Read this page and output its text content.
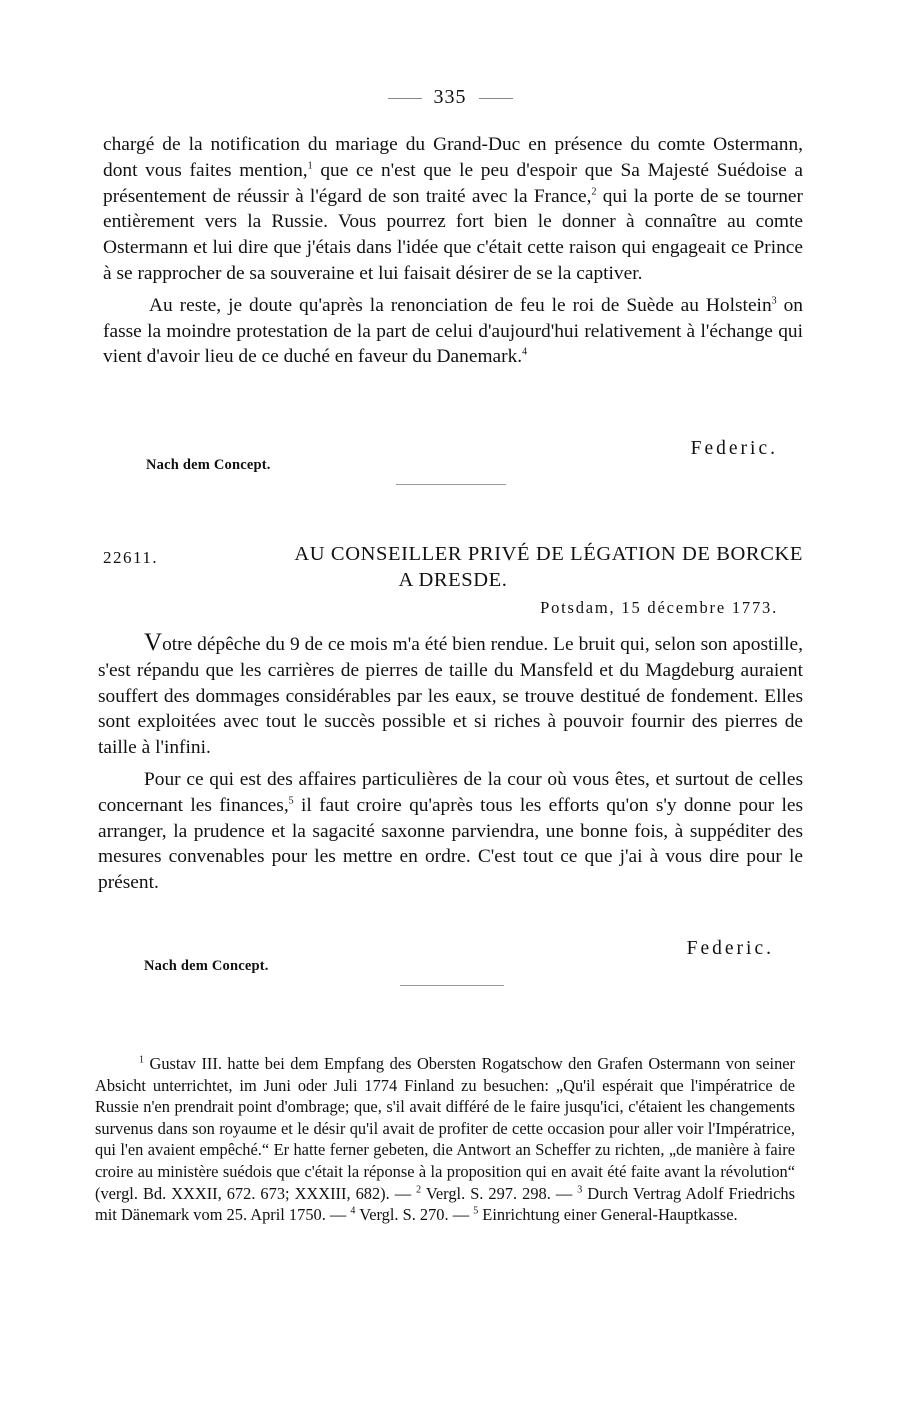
335

chargé de la notification du mariage du Grand-Duc en présence du comte Ostermann, dont vous faites mention,$^1$ que ce n'est que le peu d'espoir que Sa Majesté Suédoise a présentement de réussir à l'égard de son traité avec la France,$^2$ qui la porte de se tourner entièrement vers la Russie. Vous pourrez fort bien le donner à connaître au comte Ostermann et lui dire que j'étais dans l'idée que c'était cette raison qui engageait ce Prince à se rapprocher de sa souveraine et lui faisait désirer de se la captiver.

Au reste, je doute qu'après la renonciation de feu le roi de Suède au Holstein$^3$ on fasse la moindre protestation de la part de celui d'aujourd'hui relativement à l'échange qui vient d'avoir lieu de ce duché en faveur du Danemark.$^4$

Federic.
Nach dem Concept.
22611.	AU CONSEILLER PRIVÉ DE LÉGATION DE BORCKE
A DRESDE.
Potsdam, 15 décembre 1773.

Votre dépêche du 9 de ce mois m'a été bien rendue. Le bruit qui, selon son apostille, s'est répandu que les carrières de pierres de taille du Mansfeld et du Magdeburg auraient souffert des dommages considérables par les eaux, se trouve destitué de fondement. Elles sont exploitées avec tout le succès possible et si riches à pouvoir fournir des pierres de taille à l'infini.

Pour ce qui est des affaires particulières de la cour où vous êtes, et surtout de celles concernant les finances,$^5$ il faut croire qu'après tous les efforts qu'on s'y donne pour les arranger, la prudence et la sagacité saxonne parviendra, une bonne fois, à suppéditer des mesures convenables pour les mettre en ordre. C'est tout ce que j'ai à vous dire pour le présent.

Federic.
Nach dem Concept.

$^1$ Gustav III. hatte bei dem Empfang des Obersten Rogatschow den Grafen Ostermann von seiner Absicht unterrichtet, im Juni oder Juli 1774 Finland zu besuchen: „Qu'il espérait que l'impératrice de Russie n'en prendrait point d'ombrage; que, s'il avait différé de le faire jusqu'ici, c'étaient les changements survenus dans son royaume et le désir qu'il avait de profiter de cette occasion pour aller voir l'Impératrice, qui l'en avaient empêché.“ Er hatte ferner gebeten, die Antwort an Scheffer zu richten, „de manière à faire croire au ministère suédois que c'était la réponse à la proposition qui en avait été faite avant la révolution“ (vergl. Bd. XXXII, 672. 673; XXXIII, 682). — $^2$ Vergl. S. 297. 298. — $^3$ Durch Vertrag Adolf Friedrichs mit Dänemark vom 25. April 1750. — $^4$ Vergl. S. 270. — $^5$ Einrichtung einer General-Hauptkasse.
